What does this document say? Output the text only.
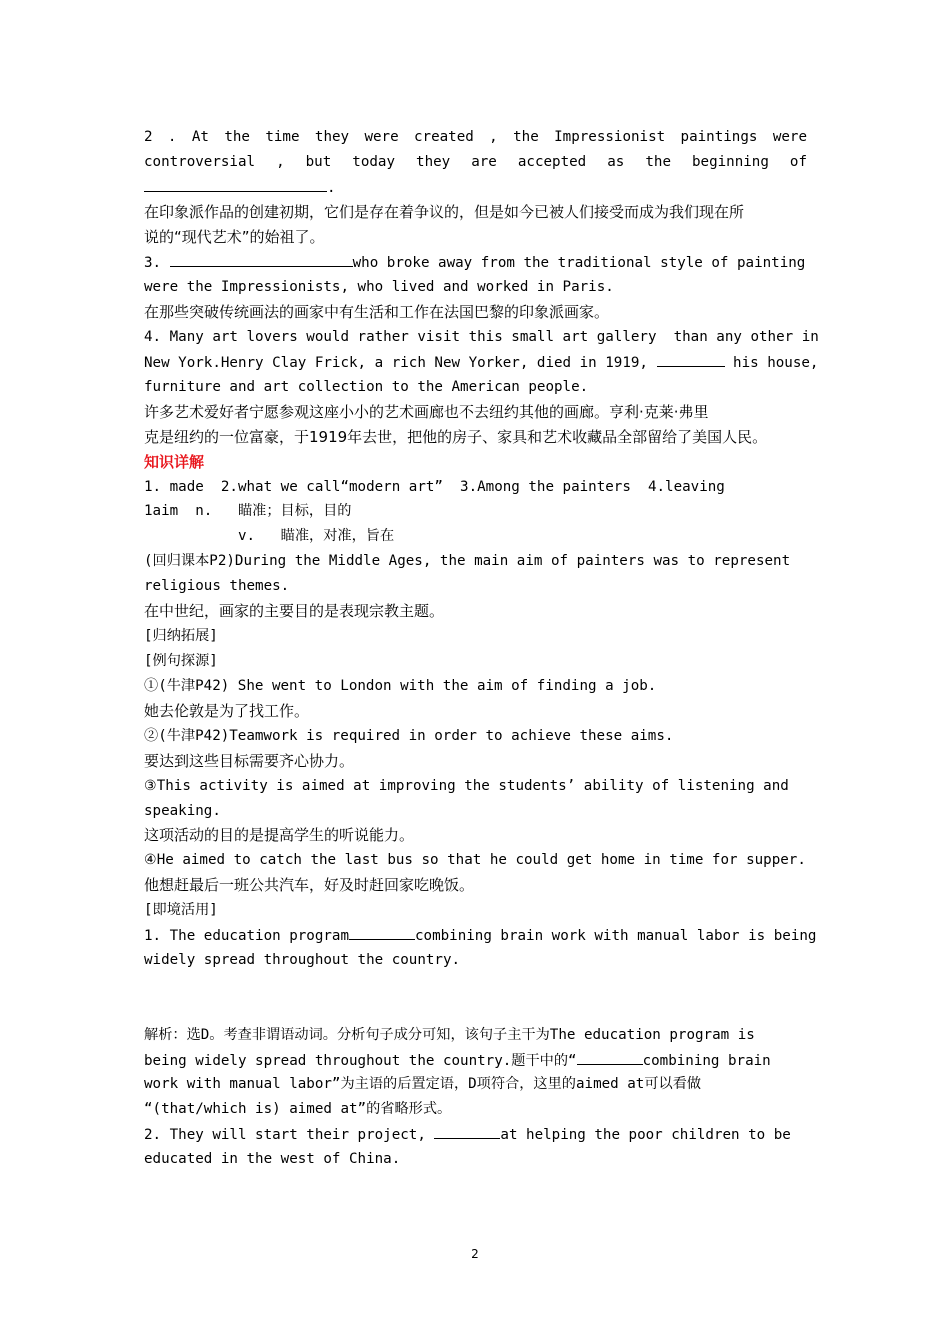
2 . At the time they were created , the Impressionist paintings were
controversial , but today they are accepted as the beginning of
.
在印象派作品的创建初期，它们是存在着争议的，但是如今已被人们接受而成为我们现在所
说的“现代艺术”的始祖了。
3.	who broke away from the traditional style of painting
were the Impressionists, who lived and worked in Paris.
在那些突破传统画法的画家中有生活和工作在法国巴黎的印象派画家。
4. Many art lovers would rather visit this small art gallery  than any other in
New York.Henry Clay Frick, a rich New Yorker, died in 1919,	his house,
furniture and art collection to the American people.
许多艺术爱好者宁愿参观这座小小的艺术画廊也不去纽约其他的画廊。亨利·克莱·弗里
克是纽约的一位富豪，于1919年去世，把他的房子、家具和艺术收藏品全部留给了美国人民。
知识详解
1. made  2.what we call“modern art”  3.Among the painters  4.leaving
1aim  n.   瞄准；目标，目的
v.   瞄准，对准，旨在
(回归课本P2)During the Middle Ages, the main aim of painters was to represent
religious themes.
在中世纪，画家的主要目的是表现宗教主题。
[归纳拓展]
[例句探源]
①(牛津P42) She went to London with the aim of finding a job.
她去伦敦是为了找工作。
②(牛津P42)Teamwork is required in order to achieve these aims.
要达到这些目标需要齐心协力。
③This activity is aimed at improving the students’ ability of listening and
speaking.
这项活动的目的是提高学生的听说能力。
④He aimed to catch the last bus so that he could get home in time for supper.
他想赶最后一班公共汽车，好及时赶回家吃晚饭。
[即境活用]
1. The education program	combining brain work with manual labor is being
widely spread throughout the country.
解析：选D。考查非谓语动词。分析句子成分可知，该句子主干为The education program is
being widely spread throughout the country.题干中的“	combining brain
work with manual labor”为主语的后置定语，D项符合，这里的aimed at可以看做
“(that/which is) aimed at”的省略形式。
2. They will start their project,	at helping the poor children to be
educated in the west of China.
2
